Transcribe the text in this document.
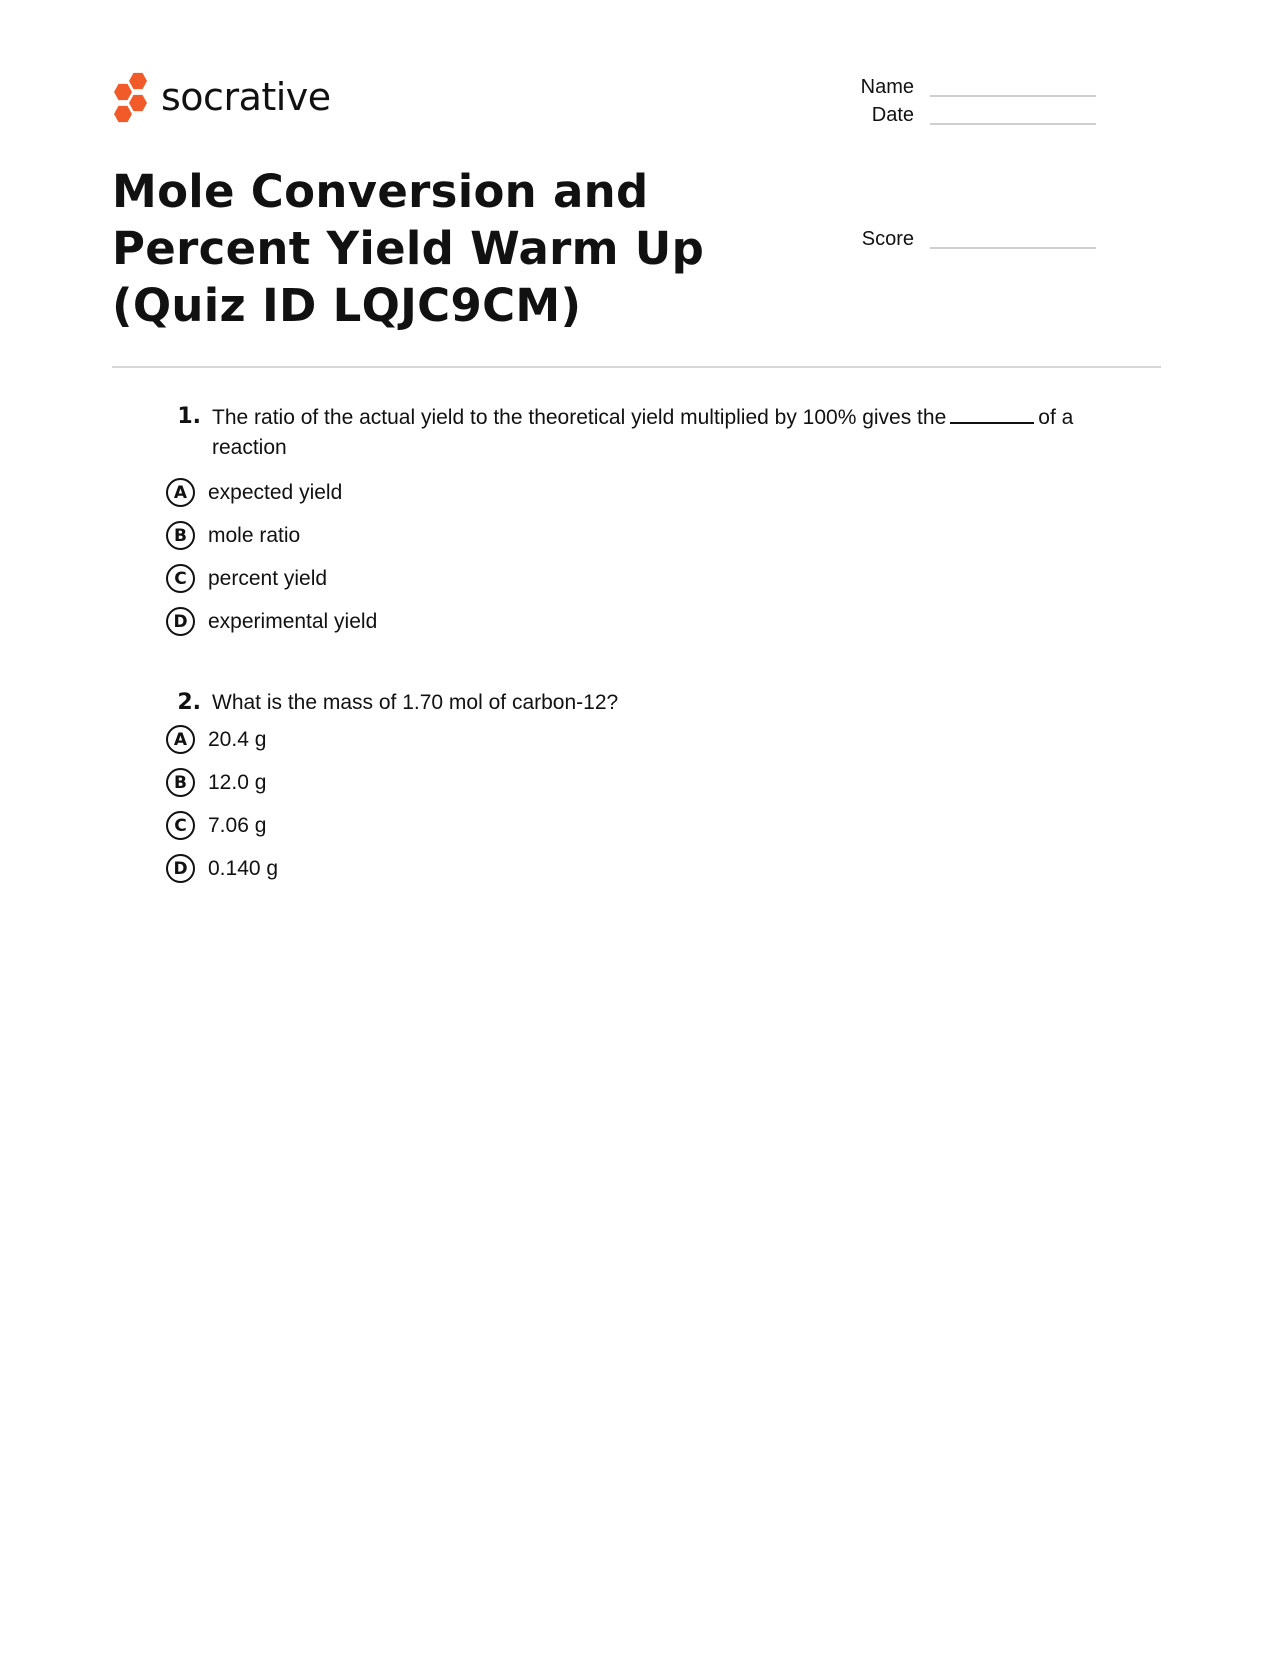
socrative	Name
Date
Score
Mole Conversion and Percent Yield Warm Up (Quiz ID LQJC9CM)
1. The ratio of the actual yield to the theoretical yield multiplied by 100% gives the	of a reaction
A expected yield
B	mole ratio
C	percent yield
D experimental yield
2. What is the mass of 1.70 mol of carbon-12?
A 20.4 g
B	12.0 g
C	7.06 g
D 0.140 g
